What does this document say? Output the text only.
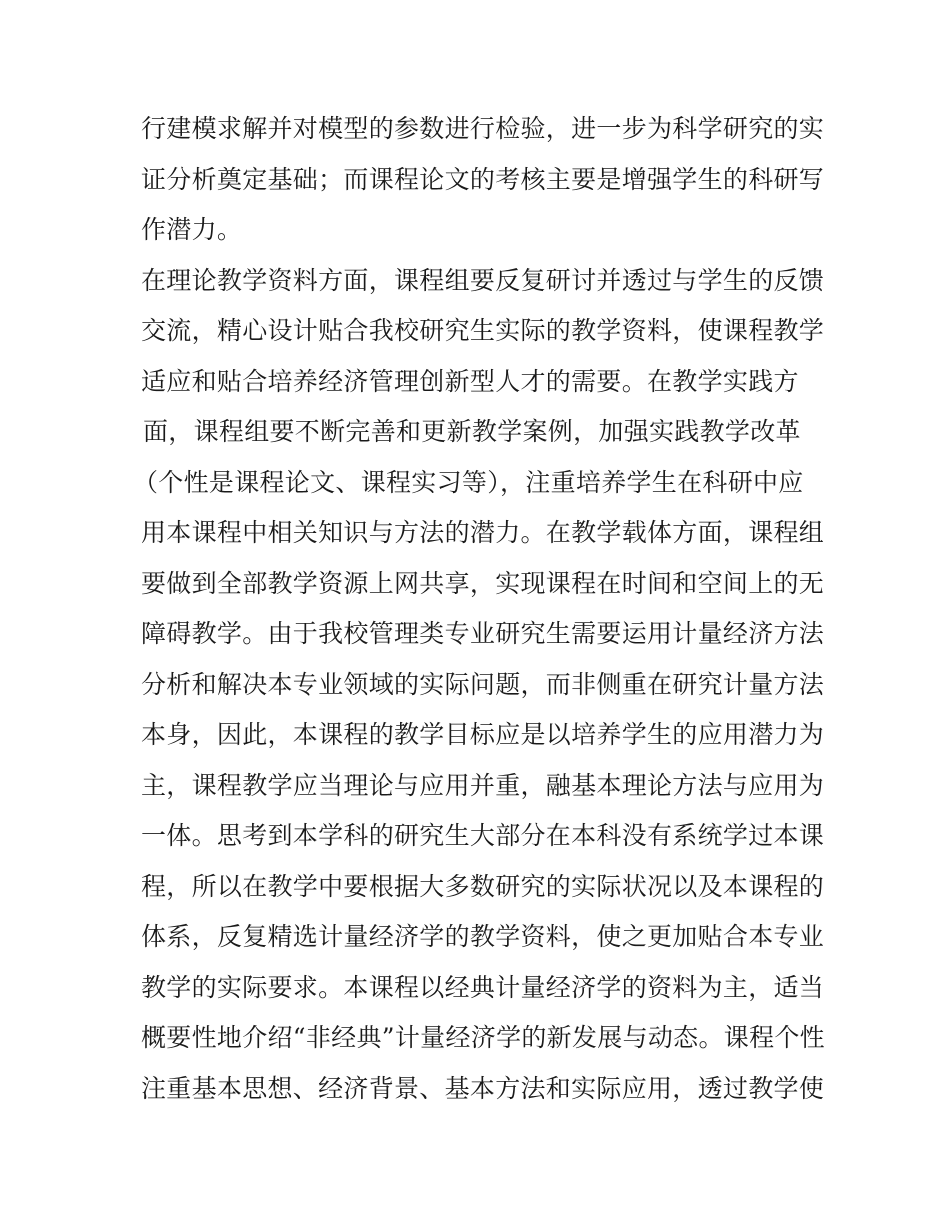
行建模求解并对模型的参数进行检验，进一步为科学研究的实
证分析奠定基础；而课程论文的考核主要是增强学生的科研写
作潜力。
在理论教学资料方面，课程组要反复研讨并透过与学生的反馈
交流，精心设计贴合我校研究生实际的教学资料，使课程教学
适应和贴合培养经济管理创新型人才的需要。在教学实践方
面，课程组要不断完善和更新教学案例，加强实践教学改革
（个性是课程论文、课程实习等），注重培养学生在科研中应
用本课程中相关知识与方法的潜力。在教学载体方面，课程组
要做到全部教学资源上网共享，实现课程在时间和空间上的无
障碍教学。由于我校管理类专业研究生需要运用计量经济方法
分析和解决本专业领域的实际问题，而非侧重在研究计量方法
本身，因此，本课程的教学目标应是以培养学生的应用潜力为
主，课程教学应当理论与应用并重，融基本理论方法与应用为
一体。思考到本学科的研究生大部分在本科没有系统学过本课
程，所以在教学中要根据大多数研究的实际状况以及本课程的
体系，反复精选计量经济学的教学资料，使之更加贴合本专业
教学的实际要求。本课程以经典计量经济学的资料为主，适当
概要性地介绍“非经典”计量经济学的新发展与动态。课程个性
注重基本思想、经济背景、基本方法和实际应用，透过教学使
